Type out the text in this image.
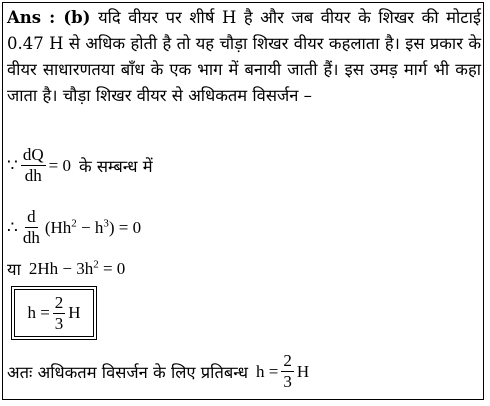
Ans : (b) यदि वीयर पर शीर्ष H है और जब वीयर के शिखर की मोटाई 0.47 H से अधिक होती है तो यह चौड़ा शिखर वीयर कहलाता है। इस प्रकार के वीयर साधारणतया बाँध के एक भाग में बनायी जाती हैं। इस उमड़ मार्ग भी कहा जाता है। चौड़ा शिखर वीयर से अधिकतम विसर्जन –
∵ $\frac{dQ}{dh} = 0$ के सम्बन्ध में
∴ $\frac{d}{dh} (Hh^2 - h^3) = 0$
या $2Hh - 3h^2 = 0$
$h = \frac{2}{3}$ H
अतः अधिकतम विसर्जन के लिए प्रतिबन्ध $h = \frac{2}{3}$ H
